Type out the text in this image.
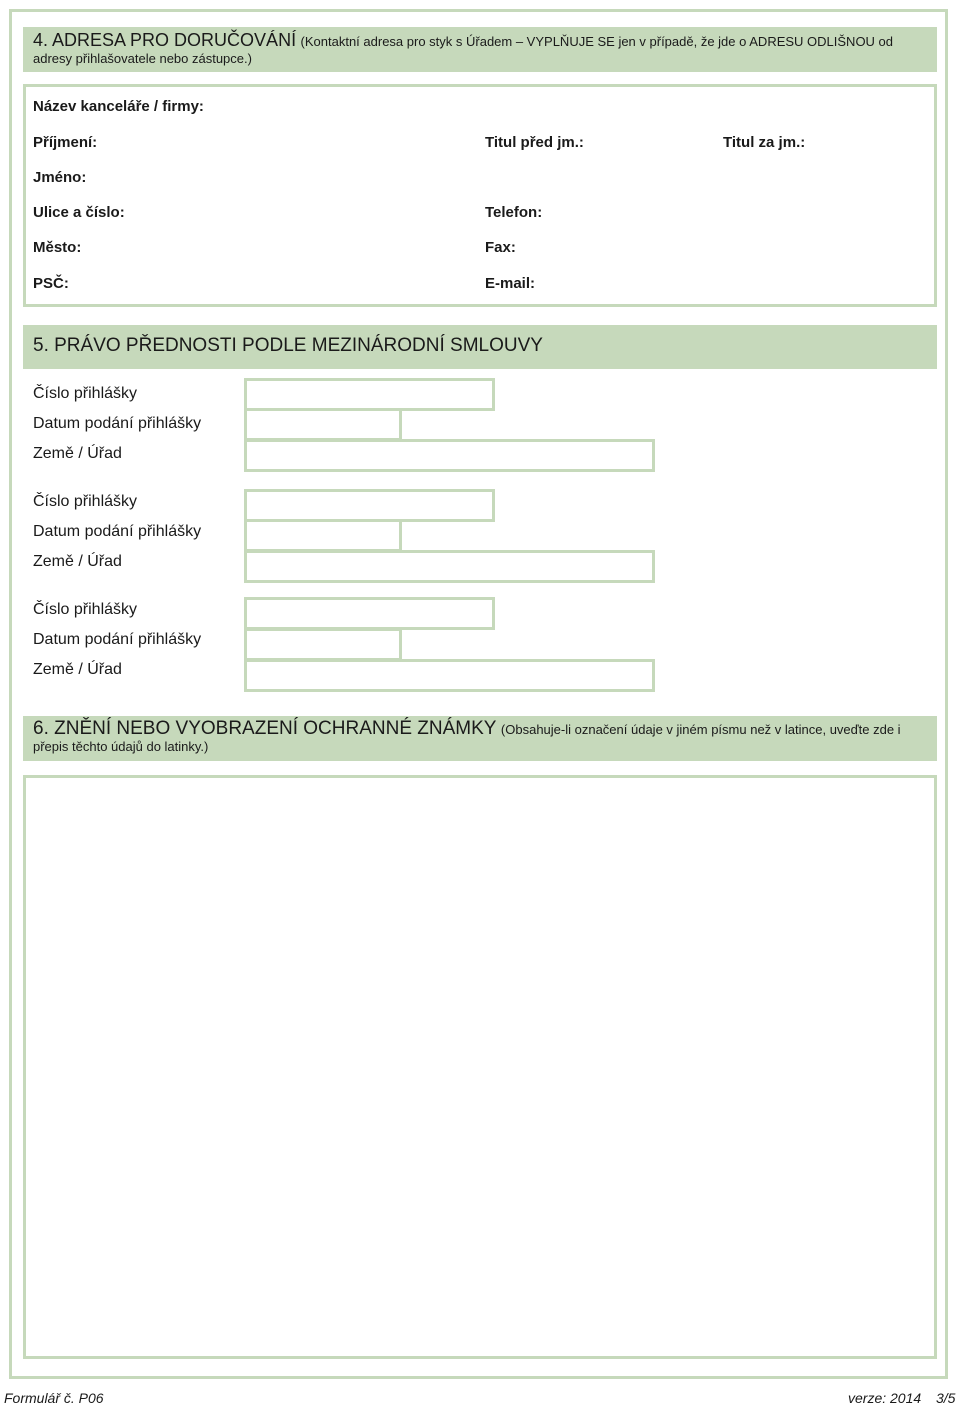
4. ADRESA PRO DORUČOVÁNÍ (Kontaktní adresa pro styk s Úřadem – VYPLŇUJE SE jen v případě, že jde o ADRESU ODLIŠNOU od adresy přihlašovatele nebo zástupce.)
Název kanceláře / firmy:
Příjmení:	Titul před jm.:	Titul za jm.:
Jméno:
Ulice a číslo:	Telefon:
Město:	Fax:
PSČ:	E-mail:
5. PRÁVO PŘEDNOSTI PODLE MEZINÁRODNÍ SMLOUVY
Číslo přihlášky
Datum podání přihlášky
Země / Úřad
Číslo přihlášky
Datum podání přihlášky
Země / Úřad
Číslo přihlášky
Datum podání přihlášky
Země / Úřad
6. ZNĚNÍ NEBO VYOBRAZENÍ OCHRANNÉ ZNÁMKY (Obsahuje-li označení údaje v jiném písmu než v latince, uveďte zde i přepis těchto údajů do latinky.)
Formulář č. P06	verze: 2014 3/5
